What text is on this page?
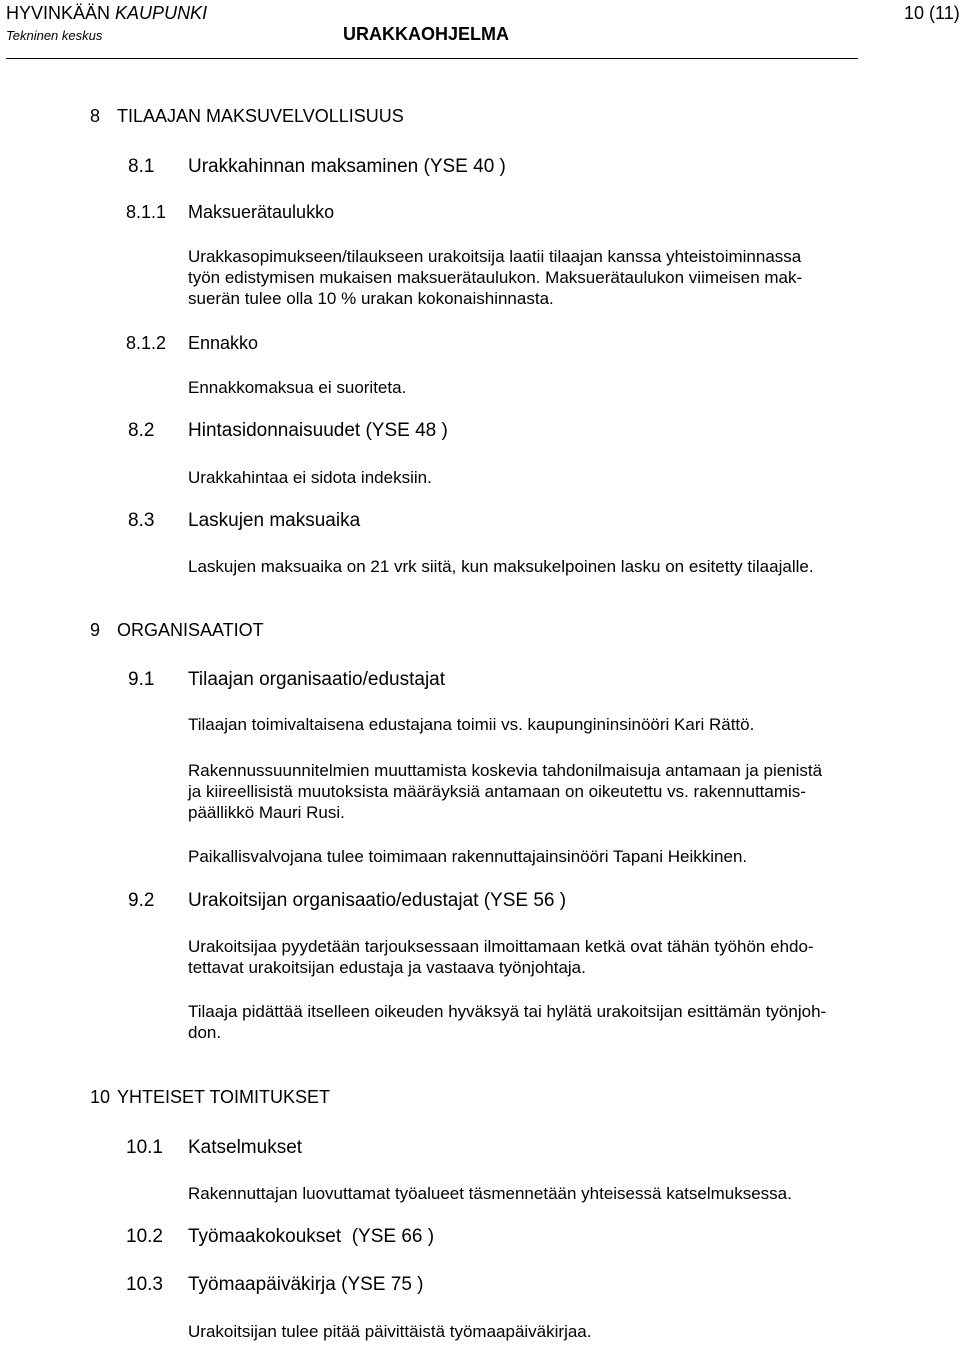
HYVINKÄÄN KAUPUNKI
Tekninen keskus	URAKKAOHJELMA
10 (11)
8 TILAAJAN MAKSUVELVOLLISUUS
8.1 Urakkahinnan maksaminen (YSE 40 )
8.1.1 Maksuerätaulukko
Urakkasopimukseen/tilaukseen urakoitsija laatii tilaajan kanssa yhteistoiminnassa
työn edistymisen mukaisen maksuerätaulukon. Maksuerätaulukon viimeisen mak-
suerän tulee olla 10 % urakan kokonaishinnasta.
8.1.2 Ennakko
Ennakkomaksua ei suoriteta.
8.2 Hintasidonnaisuudet (YSE 48 )
Urakkahintaa ei sidota indeksiin.
8.3 Laskujen maksuaika
Laskujen maksuaika on 21 vrk siitä, kun maksukelpoinen lasku on esitetty tilaajalle.
9 ORGANISAATIOT
9.1 Tilaajan organisaatio/edustajat
Tilaajan toimivaltaisena edustajana toimii vs. kaupungininsinööri Kari Rättö.
Rakennussuunnitelmien muuttamista koskevia tahdonilmaisuja antamaan ja pienistä
ja kiireellisistä muutoksista määräyksiä antamaan on oikeutettu vs. rakennuttamis-
päällikkö Mauri Rusi.
Paikallisvalvojana tulee toimimaan rakennuttajainsinööri Tapani Heikkinen.
9.2 Urakoitsijan organisaatio/edustajat (YSE 56 )
Urakoitsijaa pyydetään tarjouksessaan ilmoittamaan ketkä ovat tähän työhön ehdo-
tettavat urakoitsijan edustaja ja vastaava työnjohtaja.
Tilaaja pidättää itselleen oikeuden hyväksyä tai hylätä urakoitsijan esittämän työnjoh-
don.
10 YHTEISET TOIMITUKSET
10.1 Katselmukset
Rakennuttajan luovuttamat työalueet täsmennetään yhteisessä katselmuksessa.
10.2 Työmaakokoukset  (YSE 66 )
10.3 Työmaapäiväkirja (YSE 75 )
Urakoitsijan tulee pitää päivittäistä työmaapäiväkirjaa.
